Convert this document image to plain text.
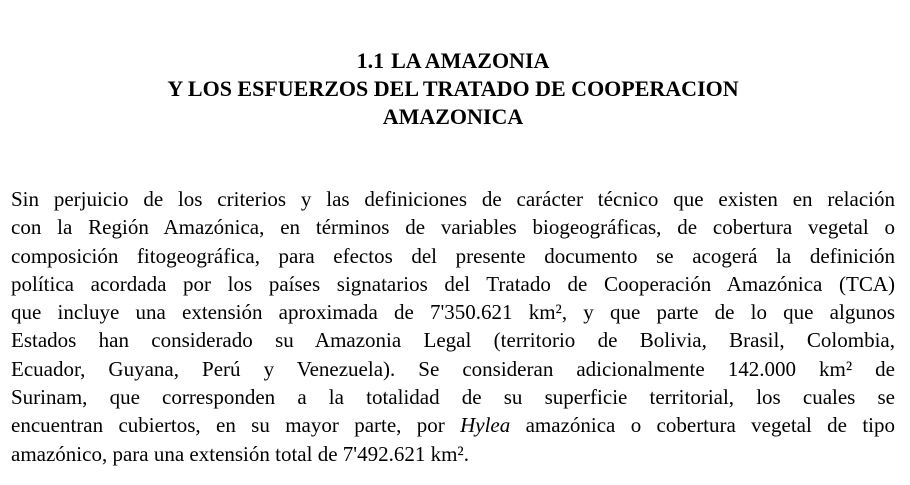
1.1 LA AMAZONIA
Y LOS ESFUERZOS DEL TRATADO DE COOPERACION
AMAZONICA
Sin perjuicio de los criterios y las definiciones de carácter técnico que existen en relación
con la Región Amazónica, en términos de variables biogeográficas, de cobertura vegetal o
composición fitogeográfica, para efectos del presente documento se acogerá la definición
política acordada por los países signatarios del Tratado de Cooperación Amazónica (TCA)
que incluye una extensión aproximada de 7'350.621 km², y que parte de lo que algunos
Estados han considerado su Amazonia Legal (territorio de Bolivia, Brasil, Colombia,
Ecuador, Guyana, Perú y Venezuela). Se consideran adicionalmente 142.000 km² de
Surinam, que corresponden a la totalidad de su superficie territorial, los cuales se
encuentran cubiertos, en su mayor parte, por Hylea amazónica o cobertura vegetal de tipo
amazónico, para una extensión total de 7'492.621 km².
